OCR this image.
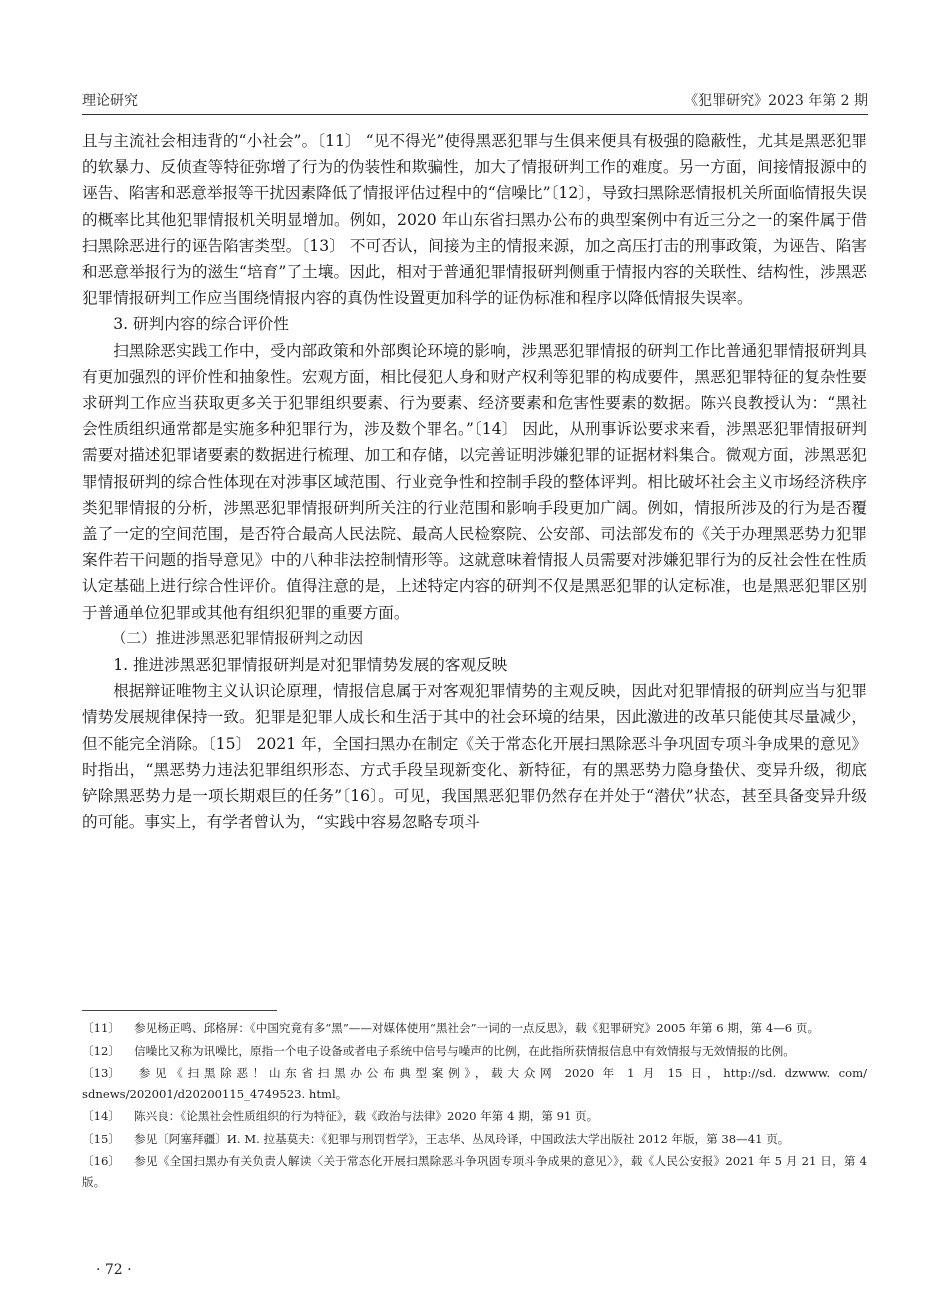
理论研究	《犯罪研究》2023 年第 2 期

且与主流社会相违背的“小社会”。〔11〕 “见不得光”使得黑恶犯罪与生俱来便具有极强的隐蔽性，尤其是黑恶犯罪的软暴力、反侦查等特征弥增了行为的伪装性和欺骗性，加大了情报研判工作的难度。另一方面，间接情报源中的诬告、陷害和恶意举报等干扰因素降低了情报评估过程中的“信噪比”〔12〕，导致扫黑除恶情报机关所面临情报失误的概率比其他犯罪情报机关明显增加。例如，2020 年山东省扫黑办公布的典型案例中有近三分之一的案件属于借扫黑除恶进行的诬告陷害类型。〔13〕 不可否认，间接为主的情报来源，加之高压打击的刑事政策，为诬告、陷害和恶意举报行为的滋生“培育”了土壤。因此，相对于普通犯罪情报研判侧重于情报内容的关联性、结构性，涉黑恶犯罪情报研判工作应当围绕情报内容的真伪性设置更加科学的证伪标准和程序以降低情报失误率。

3. 研判内容的综合评价性

扫黑除恶实践工作中，受内部政策和外部舆论环境的影响，涉黑恶犯罪情报的研判工作比普通犯罪情报研判具有更加强烈的评价性和抽象性。宏观方面，相比侵犯人身和财产权利等犯罪的构成要件，黑恶犯罪特征的复杂性要求研判工作应当获取更多关于犯罪组织要素、行为要素、经济要素和危害性要素的数据。陈兴良教授认为：“黑社会性质组织通常都是实施多种犯罪行为，涉及数个罪名。”〔14〕 因此，从刑事诉讼要求来看，涉黑恶犯罪情报研判需要对描述犯罪诸要素的数据进行梳理、加工和存储，以完善证明涉嫌犯罪的证据材料集合。微观方面，涉黑恶犯罪情报研判的综合性体现在对涉事区域范围、行业竞争性和控制手段的整体评判。相比破坏社会主义市场经济秩序类犯罪情报的分析，涉黑恶犯罪情报研判所关注的行业范围和影响手段更加广阔。例如，情报所涉及的行为是否覆盖了一定的空间范围，是否符合最高人民法院、最高人民检察院、公安部、司法部发布的《关于办理黑恶势力犯罪案件若干问题的指导意见》中的八种非法控制情形等。这就意味着情报人员需要对涉嫌犯罪行为的反社会性在性质认定基础上进行综合性评价。值得注意的是，上述特定内容的研判不仅是黑恶犯罪的认定标准，也是黑恶犯罪区别于普通单位犯罪或其他有组织犯罪的重要方面。

（二）推进涉黑恶犯罪情报研判之动因

1. 推进涉黑恶犯罪情报研判是对犯罪情势发展的客观反映

根据辩证唯物主义认识论原理，情报信息属于对客观犯罪情势的主观反映，因此对犯罪情报的研判应当与犯罪情势发展规律保持一致。犯罪是犯罪人成长和生活于其中的社会环境的结果，因此激进的改革只能使其尽量减少，但不能完全消除。〔15〕 2021 年，全国扫黑办在制定《关于常态化开展扫黑除恶斗争巩固专项斗争成果的意见》时指出，“黑恶势力违法犯罪组织形态、方式手段呈现新变化、新特征，有的黑恶势力隐身蛰伏、变异升级，彻底铲除黑恶势力是一项长期艰巨的任务”〔16〕。可见，我国黑恶犯罪仍然存在并处于“潜伏”状态，甚至具备变异升级的可能。事实上，有学者曾认为，“实践中容易忽略专项斗

〔11〕 参见杨正鸣、邱格屏：《中国究竟有多“黑”——对媒体使用“黑社会”一词的一点反思》，载《犯罪研究》2005 年第 6 期，第 4—6 页。

〔12〕 信噪比又称为讯噪比，原指一个电子设备或者电子系统中信号与噪声的比例，在此指所获情报信息中有效情报与无效情报的比例。

〔13〕 参见《扫黑除恶！山东省扫黑办公布典型案例》，载大众网 2020 年 1 月 15 日，http://sd. dzwww. com/ sdnews/202001/d20200115_4749523. html。

〔14〕 陈兴良：《论黑社会性质组织的行为特征》，载《政治与法律》2020 年第 4 期，第 91 页。

〔15〕 参见〔阿塞拜疆〕И. М. 拉基莫夫：《犯罪与刑罚哲学》，王志华、丛凤玲译，中国政法大学出版社 2012 年版，第 38—41 页。

〔16〕 参见《全国扫黑办有关负责人解读〈关于常态化开展扫黑除恶斗争巩固专项斗争成果的意见〉》，载《人民公安报》2021 年 5 月 21 日，第 4 版。

· 72 ·
